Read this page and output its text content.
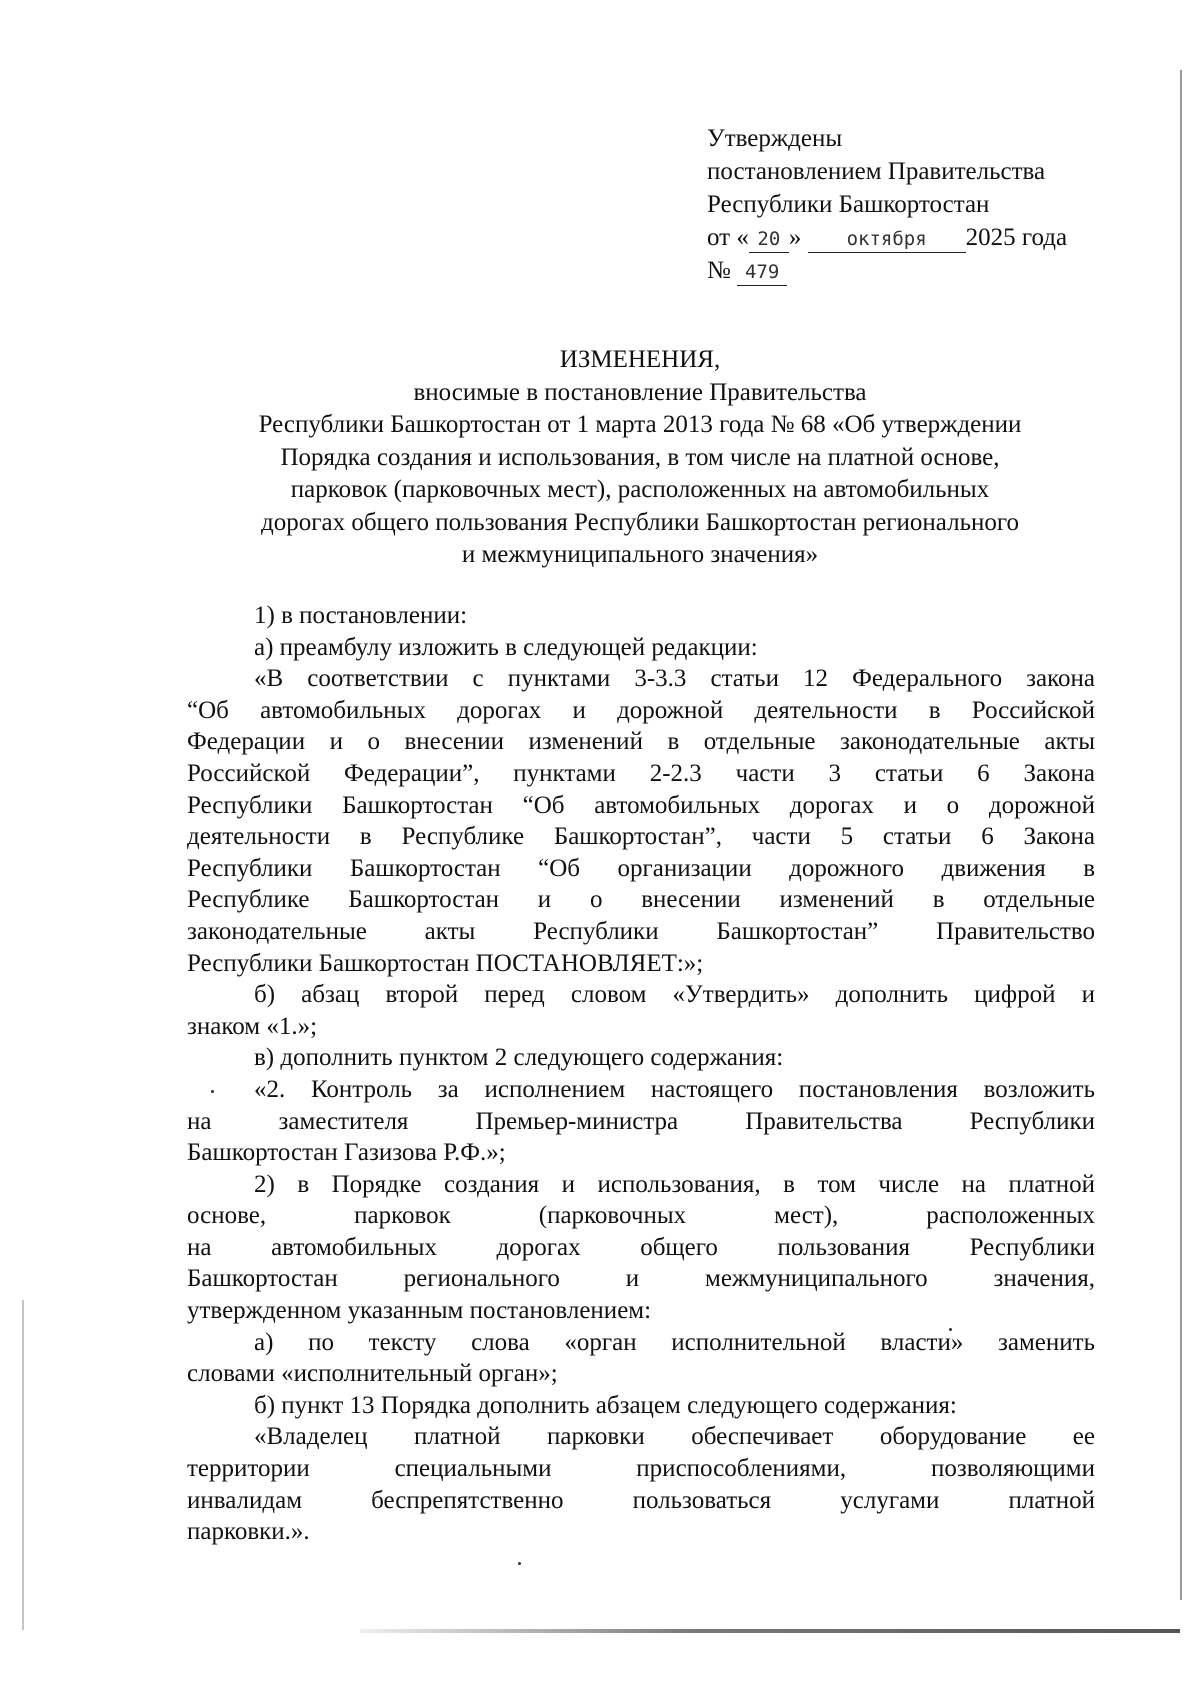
Утверждены
постановлением Правительства
Республики Башкортостан
от « 20 » октября 2025 года
№ 479
ИЗМЕНЕНИЯ,
вносимые в постановление Правительства
Республики Башкортостан от 1 марта 2013 года № 68 «Об утверждении
Порядка создания и использования, в том числе на платной основе,
парковок (парковочных мест), расположенных на автомобильных
дорогах общего пользования Республики Башкортостан регионального
и межмуниципального значения»
1) в постановлении:
а) преамбулу изложить в следующей редакции:
«В соответствии с пунктами 3-3.3 статьи 12 Федерального закона
“Об автомобильных дорогах и дорожной деятельности в Российской
Федерации и о внесении изменений в отдельные законодательные акты
Российской Федерации”, пунктами 2-2.3 части 3 статьи 6 Закона
Республики Башкортостан “Об автомобильных дорогах и о дорожной
деятельности в Республике Башкортостан”, части 5 статьи 6 Закона
Республики Башкортостан “Об организации дорожного движения в
Республике Башкортостан и о внесении изменений в отдельные
законодательные акты Республики Башкортостан” Правительство
Республики Башкортостан ПОСТАНОВЛЯЕТ:»;
б) абзац второй перед словом «Утвердить» дополнить цифрой и
знаком «1.»;
в) дополнить пунктом 2 следующего содержания:
«2. Контроль за исполнением настоящего постановления возложить
на заместителя Премьер-министра Правительства Республики
Башкортостан Газизова Р.Ф.»;
2) в Порядке создания и использования, в том числе на платной
основе, парковок (парковочных мест), расположенных
на автомобильных дорогах общего пользования Республики
Башкортостан регионального и межмуниципального значения,
утвержденном указанным постановлением:
а) по тексту слова «орган исполнительной власти» заменить
словами «исполнительный орган»;
б) пункт 13 Порядка дополнить абзацем следующего содержания:
«Владелец платной парковки обеспечивает оборудование ее
территории специальными приспособлениями, позволяющими
инвалидам беспрепятственно пользоваться услугами платной
парковки.».
